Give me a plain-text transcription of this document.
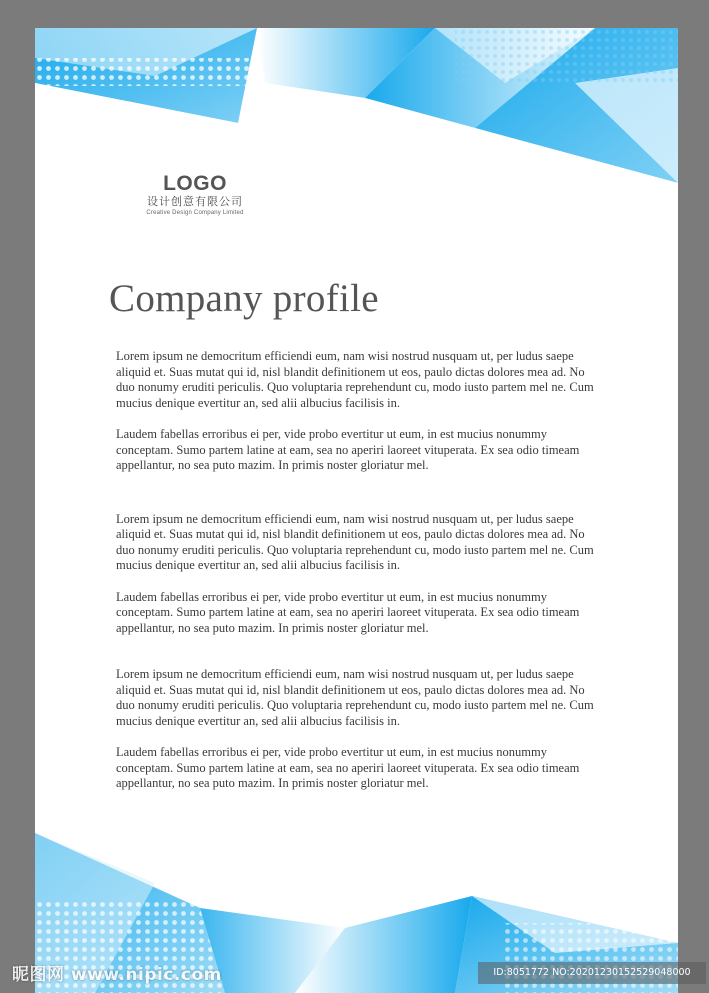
LOGO
设计创意有限公司
Creative Design Company Limited
Company profile

Lorem ipsum ne democritum efficiendi eum, nam wisi nostrud nusquam ut, per ludus saepe aliquid et. Suas mutat qui id, nisl blandit definitionem ut eos, paulo dictas dolores mea ad. No duo nonumy eruditi periculis. Quo voluptaria reprehendunt cu, modo iusto partem mel ne. Cum mucius denique evertitur an, sed alii albucius facilisis in.

Laudem fabellas erroribus ei per, vide probo evertitur ut eum, in est mucius nonummy conceptam. Sumo partem latine at eam, sea no aperiri laoreet vituperata. Ex sea odio timeam appellantur, no sea puto mazim. In primis noster gloriatur mel.

Lorem ipsum ne democritum efficiendi eum, nam wisi nostrud nusquam ut, per ludus saepe aliquid et. Suas mutat qui id, nisl blandit definitionem ut eos, paulo dictas dolores mea ad. No duo nonumy eruditi periculis. Quo voluptaria reprehendunt cu, modo iusto partem mel ne. Cum mucius denique evertitur an, sed alii albucius facilisis in.

Laudem fabellas erroribus ei per, vide probo evertitur ut eum, in est mucius nonummy conceptam. Sumo partem latine at eam, sea no aperiri laoreet vituperata. Ex sea odio timeam appellantur, no sea puto mazim. In primis noster gloriatur mel.

Lorem ipsum ne democritum efficiendi eum, nam wisi nostrud nusquam ut, per ludus saepe aliquid et. Suas mutat qui id, nisl blandit definitionem ut eos, paulo dictas dolores mea ad. No duo nonumy eruditi periculis. Quo voluptaria reprehendunt cu, modo iusto partem mel ne. Cum mucius denique evertitur an, sed alii albucius facilisis in.

Laudem fabellas erroribus ei per, vide probo evertitur ut eum, in est mucius nonummy conceptam. Sumo partem latine at eam, sea no aperiri laoreet vituperata. Ex sea odio timeam appellantur, no sea puto mazim. In primis noster gloriatur mel.

昵图网 www.nipic.com	ID:8051772 NO:20201230152529048000
